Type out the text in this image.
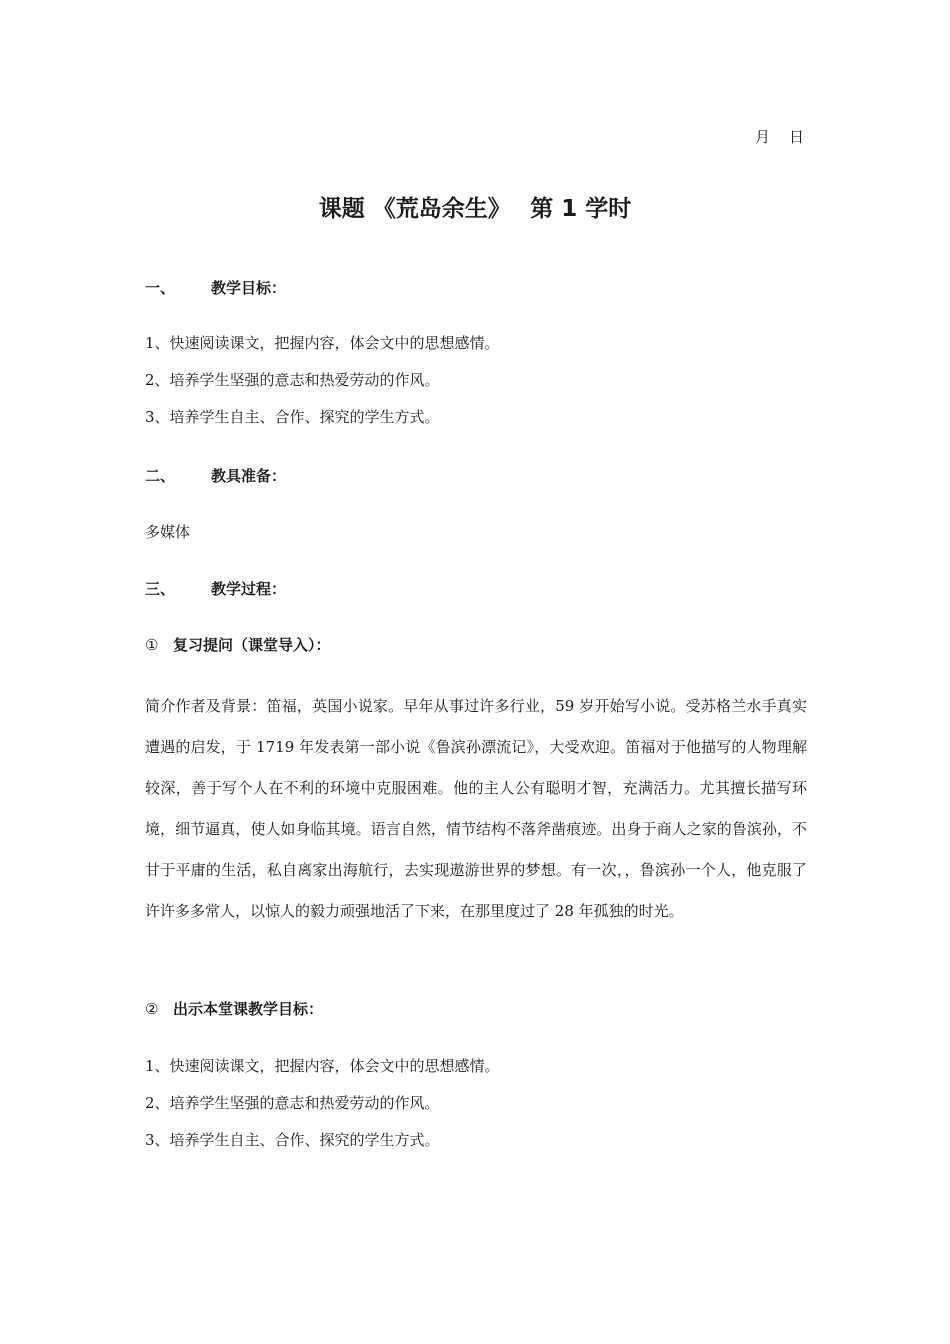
月　日
课题 《荒岛余生》　 第 1 学时
一、 教学目标：
1、快速阅读课文，把握内容，体会文中的思想感情。
2、培养学生坚强的意志和热爱劳动的作风。
3、培养学生自主、合作、探究的学生方式。
二、 教具准备：
多媒体
三、 教学过程：
① 复习提问（课堂导入）：
简介作者及背景：笛福，英国小说家。早年从事过许多行业，59 岁开始写小说。受苏格兰水手真实遭遇的启发，于 1719 年发表第一部小说《鲁滨孙漂流记》，大受欢迎。笛福对于他描写的人物理解较深，善于写个人在不利的环境中克服困难。他的主人公有聪明才智，充满活力。尤其擅长描写环境，细节逼真，使人如身临其境。语言自然，情节结构不落斧凿痕迹。出身于商人之家的鲁滨孙，不甘于平庸的生活，私自离家出海航行，去实现遨游世界的梦想。有一次，，鲁滨孙一个人，他克服了许许多多常人，以惊人的毅力顽强地活了下来，在那里度过了 28 年孤独的时光。
② 出示本堂课教学目标：
1、快速阅读课文，把握内容，体会文中的思想感情。
2、培养学生坚强的意志和热爱劳动的作风。
3、培养学生自主、合作、探究的学生方式。
